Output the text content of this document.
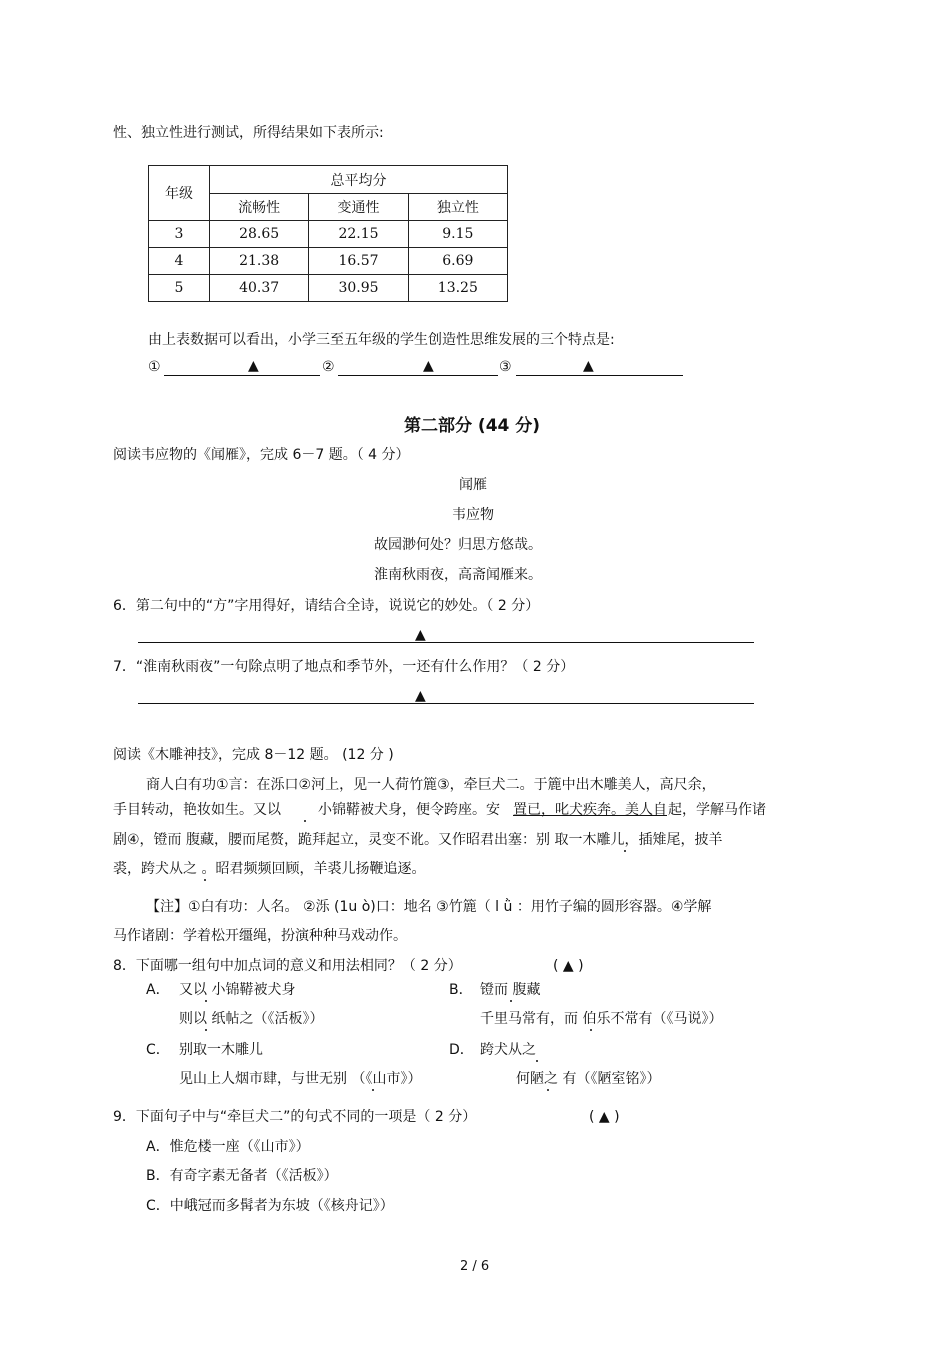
性、独立性进行测试，所得结果如下表所示:
年级	总平均分		
	流畅性	变通性	独立性
3	28.65	22.15	9.15
4	21.38	16.57	6.69
5	40.37	30.95	13.25
由上表数据可以看出，小学三至五年级的学生创造性思维发展的三个特点是:
①	▲	②	▲	③	▲
第二部分 (44 分)
阅读韦应物的《闻雁》，完成 6－7 题。（ 4 分）
闻雁
韦应物
故园渺何处？归思方悠哉。
淮南秋雨夜，高斋闻雁来。
6．第二句中的“方”字用得好，请结合全诗，说说它的妙处。（ 2 分）
▲
7．“淮南秋雨夜”一句除点明了地点和季节外，一还有什么作用？（ 2 分）
▲
阅读《木雕神技》，完成 8－12 题。 (12 分 )
商人白有功①言：在泺口②河上，见一人荷竹簏③，牵巨犬二。于簏中出木雕美人，高尺余，
手目转动，艳妆如生。又以	小锦鞯被犬身，便令跨座。安 置已，叱犬疾奔。美人自 起，学解马作诸
剧④，镫而 腹藏，腰而尾赘，跪拜起立，灵变不讹。又作昭君出塞：别 取一木雕儿，插雉尾，披羊
裘，跨犬从之 。昭君频频回顾，羊裘儿扬鞭追逐。
【注】①白有功：人名。 ②泺 (1u ò)口：地名 ③竹簏（ l ǜ ：用竹子编的圆形容器。④学解
马作诸剧：学着松开缰绳，扮演种种马戏动作。
8．下面哪一组句中加点词的意义和用法相同？（ 2 分）	( ▲ )
A． 又以 小锦鞯被犬身	B． 镫而 腹藏
则以 纸帖之（《活板》）	千里马常有，而 伯乐不常有（《马说》）
C． 别取一木雕儿	D． 跨犬从之
见山上人烟市肆，与世无别 （《山市》）	何陋之 有（《陋室铭》）
9．下面句子中与“牵巨犬二”的句式不同的一项是（ 2 分）	( ▲ )
A．惟危楼一座（《山市》）
B．有奇字素无备者（《活板》）
C．中峨冠而多髯者为东坡（《核舟记》）
2 / 6
